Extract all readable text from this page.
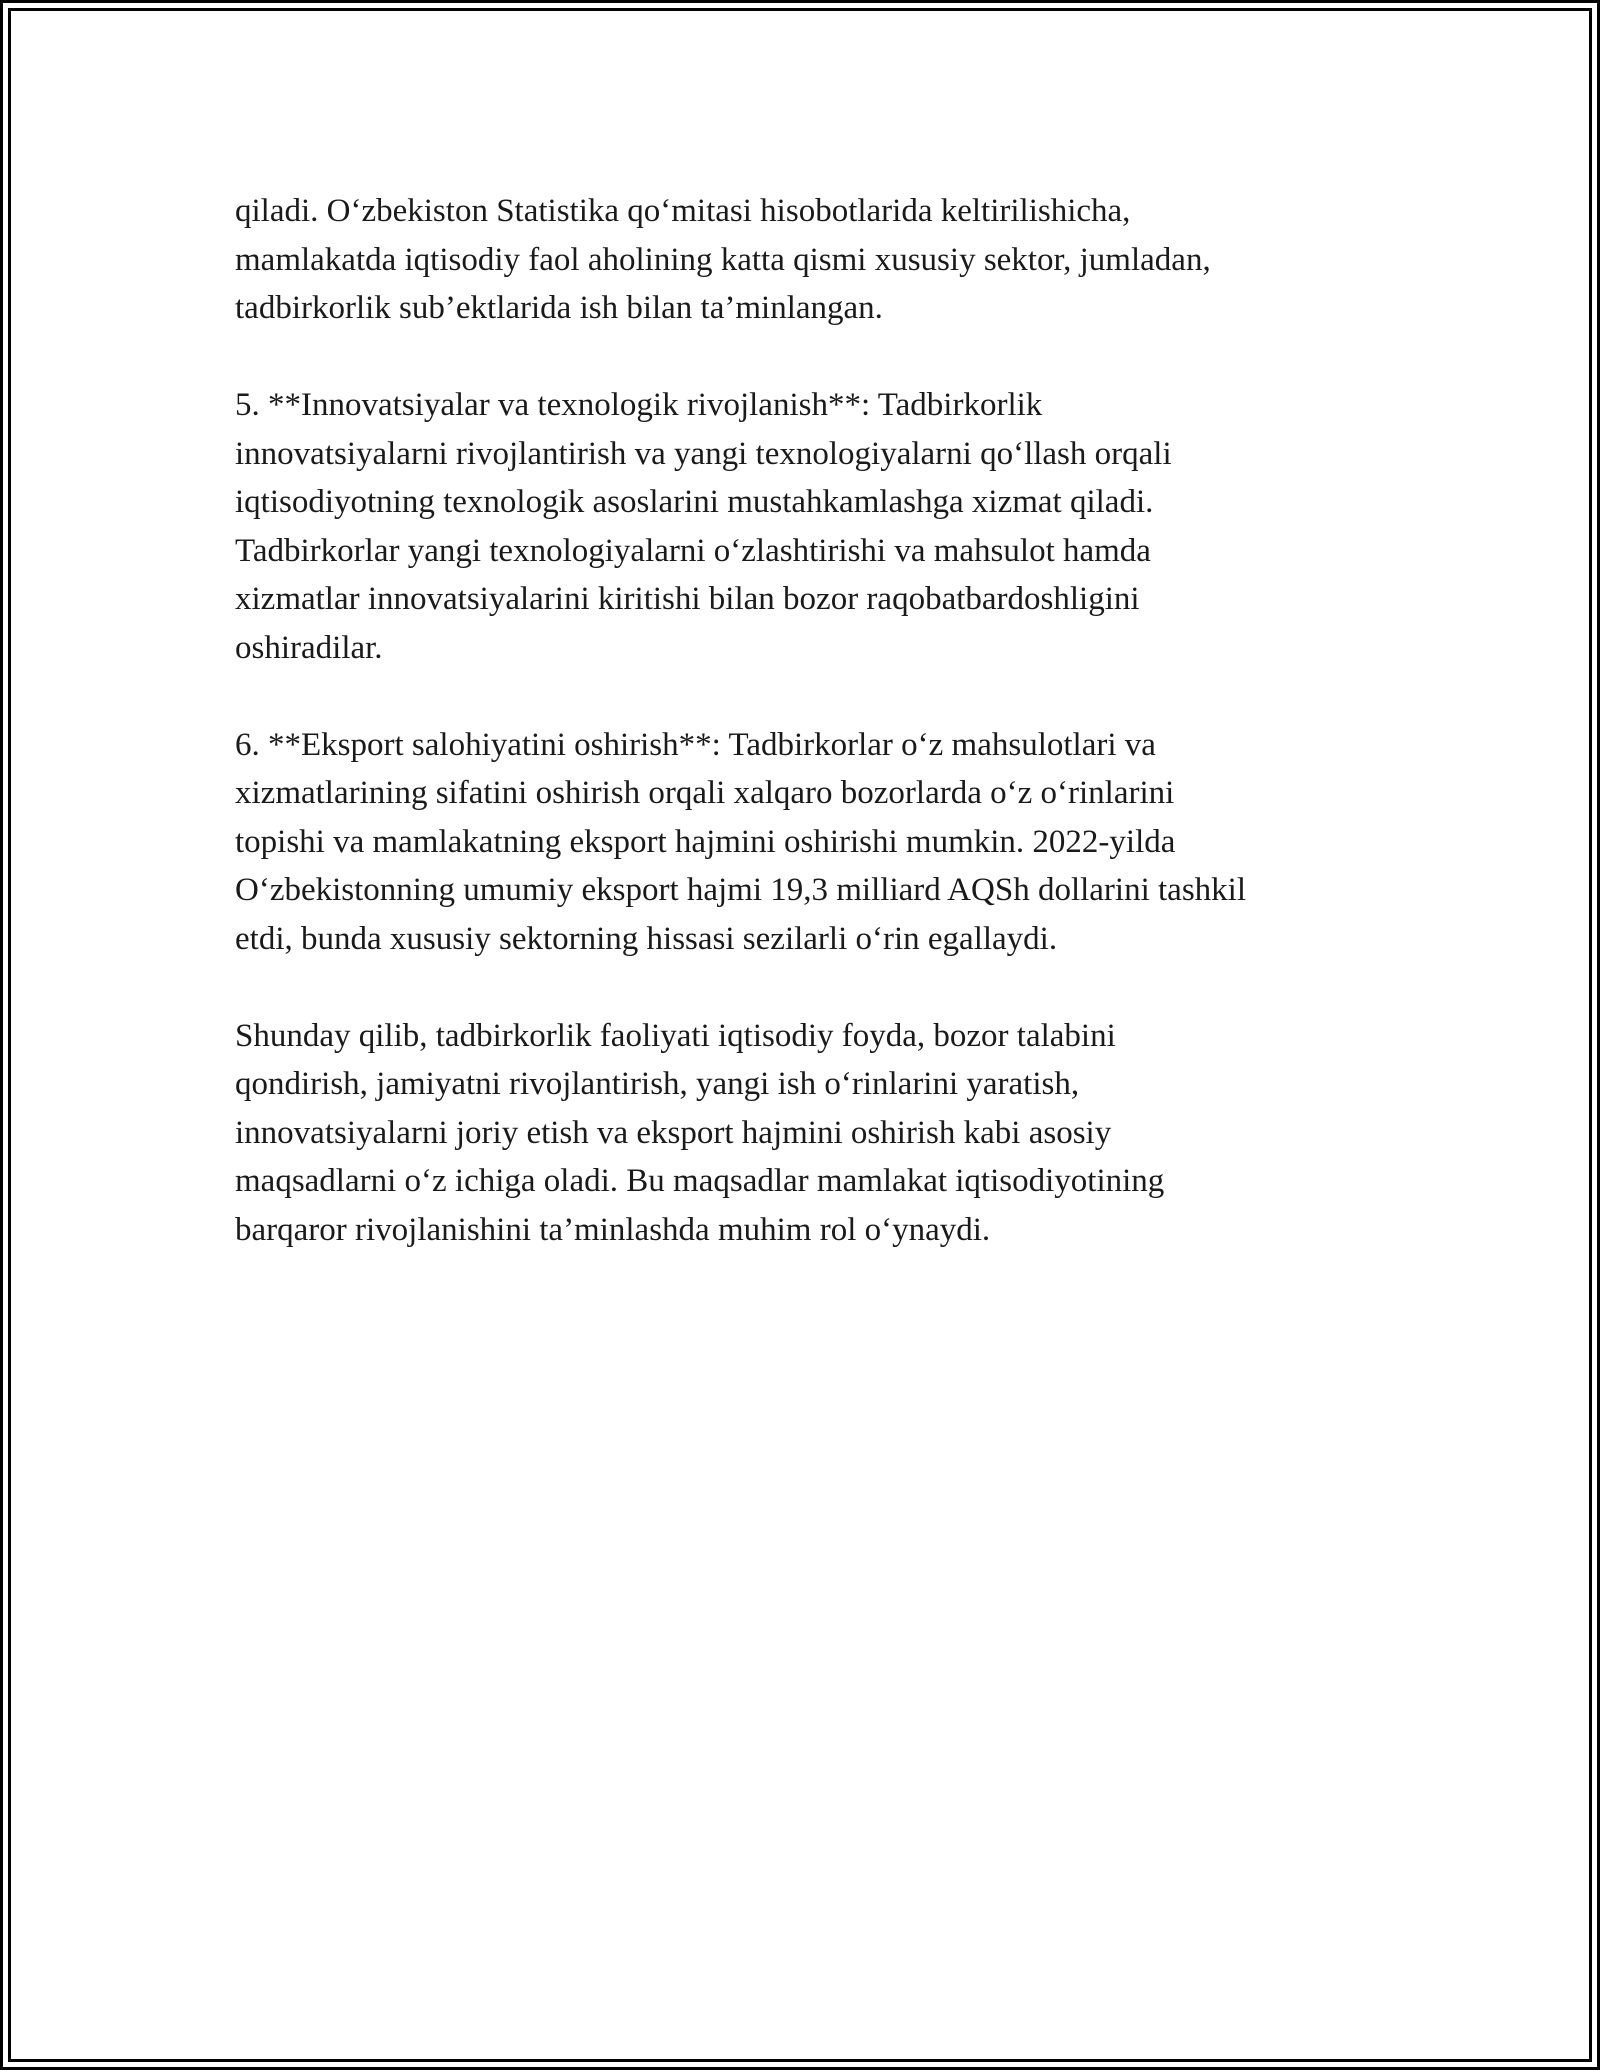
qiladi. O‘zbekiston Statistika qo‘mitasi hisobotlarida keltirilishicha,
mamlakatda iqtisodiy faol aholining katta qismi xususiy sektor, jumladan,
tadbirkorlik sub’ektlarida ish bilan ta’minlangan.

5. **Innovatsiyalar va texnologik rivojlanish**: Tadbirkorlik
innovatsiyalarni rivojlantirish va yangi texnologiyalarni qo‘llash orqali
iqtisodiyotning texnologik asoslarini mustahkamlashga xizmat qiladi.
Tadbirkorlar yangi texnologiyalarni o‘zlashtirishi va mahsulot hamda
xizmatlar innovatsiyalarini kiritishi bilan bozor raqobatbardoshligini
oshiradilar.

6. **Eksport salohiyatini oshirish**: Tadbirkorlar o‘z mahsulotlari va
xizmatlarining sifatini oshirish orqali xalqaro bozorlarda o‘z o‘rinlarini
topishi va mamlakatning eksport hajmini oshirishi mumkin. 2022-yilda
O‘zbekistonning umumiy eksport hajmi 19,3 milliard AQSh dollarini tashkil
etdi, bunda xususiy sektorning hissasi sezilarli o‘rin egallaydi.

Shunday qilib, tadbirkorlik faoliyati iqtisodiy foyda, bozor talabini
qondirish, jamiyatni rivojlantirish, yangi ish o‘rinlarini yaratish,
innovatsiyalarni joriy etish va eksport hajmini oshirish kabi asosiy
maqsadlarni o‘z ichiga oladi. Bu maqsadlar mamlakat iqtisodiyotining
barqaror rivojlanishini ta’minlashda muhim rol o‘ynaydi.
